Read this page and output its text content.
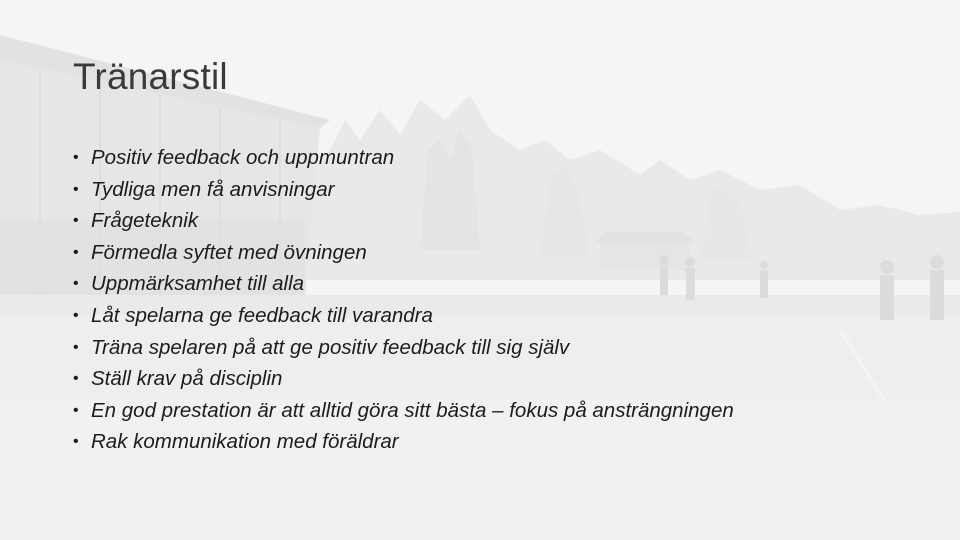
Tränarstil
• Positiv feedback och uppmuntran
• Tydliga men få anvisningar
• Frågeteknik
• Förmedla syftet med övningen
• Uppmärksamhet till alla
• Låt spelarna ge feedback till varandra
• Träna spelaren på att ge positiv feedback till sig själv
• Ställ krav på disciplin
• En god prestation är att alltid göra sitt bästa – fokus på ansträngningen
• Rak kommunikation med föräldrar
